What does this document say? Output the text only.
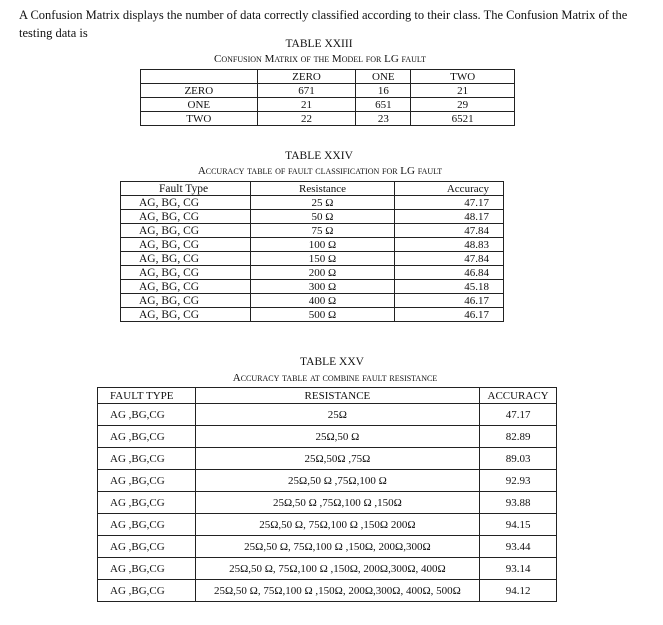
A Confusion Matrix displays the number of data correctly classified according to their class. The Confusion Matrix of the testing data is
TABLE XXIII
Confusion Matrix of the Model for LG fault
	ZERO	ONE	TWO
ZERO	671	16	21
ONE	21	651	29
TWO	22	23	6521
TABLE XXIV
Accuracy table of fault classification for LG fault
Fault Type	Resistance	Accuracy
AG, BG, CG	25 Ω	47.17
AG, BG, CG	50 Ω	48.17
AG, BG, CG	75 Ω	47.84
AG, BG, CG	100 Ω	48.83
AG, BG, CG	150 Ω	47.84
AG, BG, CG	200 Ω	46.84
AG, BG, CG	300 Ω	45.18
AG, BG, CG	400 Ω	46.17
AG, BG, CG	500 Ω	46.17
TABLE XXV
Accuracy table at combine fault resistance
FAULT TYPE	RESISTANCE	ACCURACY
AG ,BG,CG	25Ω	47.17
AG ,BG,CG	25Ω,50 Ω	82.89
AG ,BG,CG	25Ω,50Ω ,75Ω	89.03
AG ,BG,CG	25Ω,50 Ω ,75Ω,100 Ω	92.93
AG ,BG,CG	25Ω,50 Ω ,75Ω,100 Ω ,150Ω	93.88
AG ,BG,CG	25Ω,50 Ω, 75Ω,100 Ω ,150Ω 200Ω	94.15
AG ,BG,CG	25Ω,50 Ω, 75Ω,100 Ω ,150Ω, 200Ω,300Ω	93.44
AG ,BG,CG	25Ω,50 Ω, 75Ω,100 Ω ,150Ω, 200Ω,300Ω, 400Ω	93.14
AG ,BG,CG	25Ω,50 Ω, 75Ω,100 Ω ,150Ω, 200Ω,300Ω, 400Ω, 500Ω	94.12
